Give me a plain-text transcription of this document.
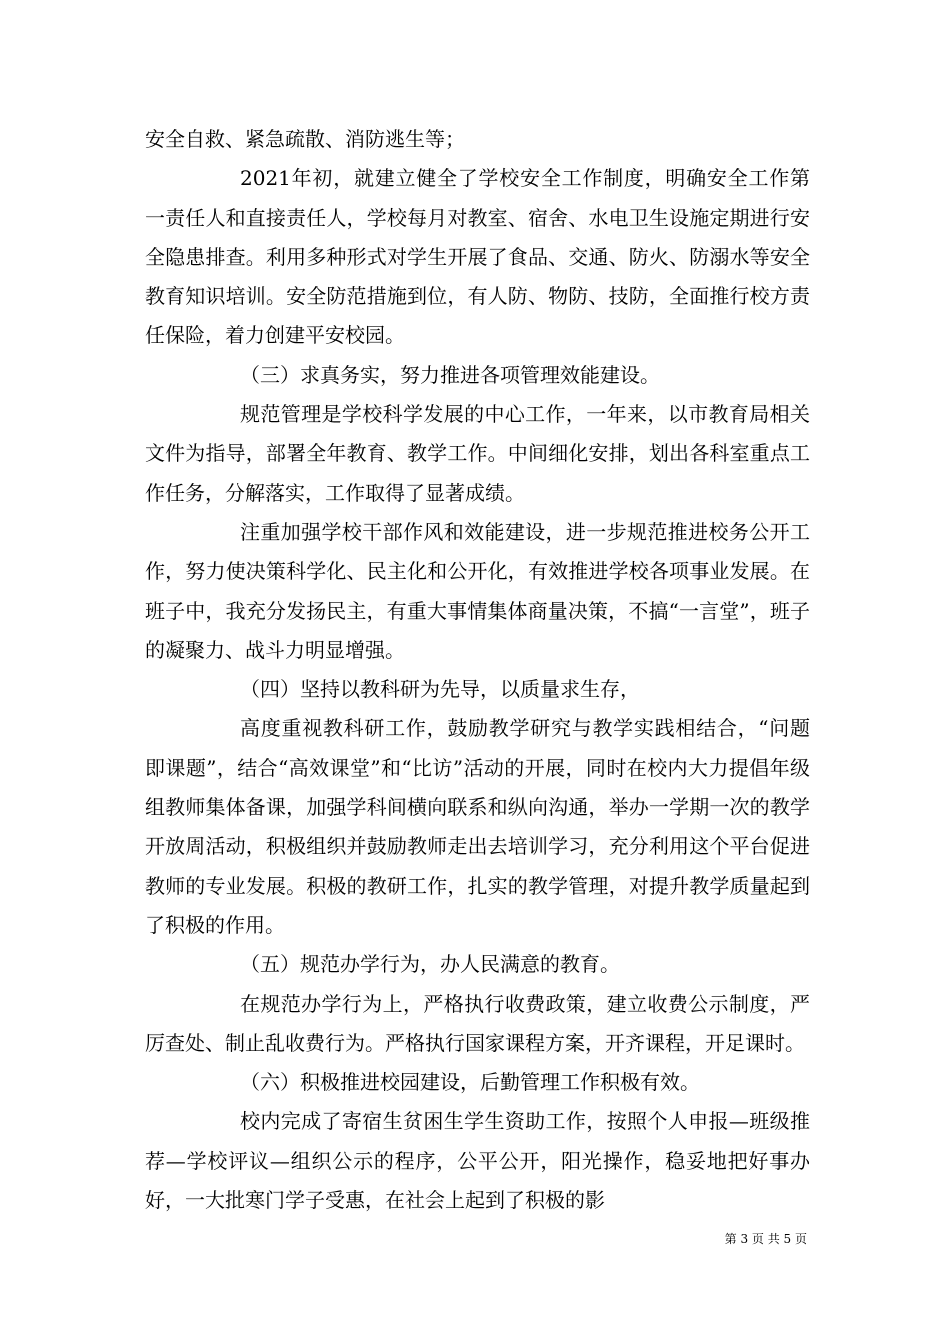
安全自救、紧急疏散、消防逃生等；

2021年初，就建立健全了学校安全工作制度，明确安全工作第一责任人和直接责任人，学校每月对教室、宿舍、水电卫生设施定期进行安全隐患排查。利用多种形式对学生开展了食品、交通、防火、防溺水等安全教育知识培训。安全防范措施到位，有人防、物防、技防，全面推行校方责任保险，着力创建平安校园。

（三）求真务实，努力推进各项管理效能建设。

规范管理是学校科学发展的中心工作，一年来，以市教育局相关文件为指导，部署全年教育、教学工作。中间细化安排，划出各科室重点工作任务，分解落实，工作取得了显著成绩。

注重加强学校干部作风和效能建设，进一步规范推进校务公开工作，努力使决策科学化、民主化和公开化，有效推进学校各项事业发展。在班子中，我充分发扬民主，有重大事情集体商量决策，不搞“一言堂”，班子的凝聚力、战斗力明显增强。

（四）坚持以教科研为先导，以质量求生存，

高度重视教科研工作，鼓励教学研究与教学实践相结合，“问题即课题”，结合“高效课堂”和“比访”活动的开展，同时在校内大力提倡年级组教师集体备课，加强学科间横向联系和纵向沟通，举办一学期一次的教学开放周活动，积极组织并鼓励教师走出去培训学习，充分利用这个平台促进教师的专业发展。积极的教研工作，扎实的教学管理，对提升教学质量起到了积极的作用。

（五）规范办学行为，办人民满意的教育。

在规范办学行为上，严格执行收费政策，建立收费公示制度，严厉查处、制止乱收费行为。严格执行国家课程方案，开齐课程，开足课时。

（六）积极推进校园建设，后勤管理工作积极有效。

校内完成了寄宿生贫困生学生资助工作，按照个人申报—班级推荐—学校评议—组织公示的程序，公平公开，阳光操作，稳妥地把好事办好，一大批寒门学子受惠，在社会上起到了积极的影

第 3 页 共 5 页
